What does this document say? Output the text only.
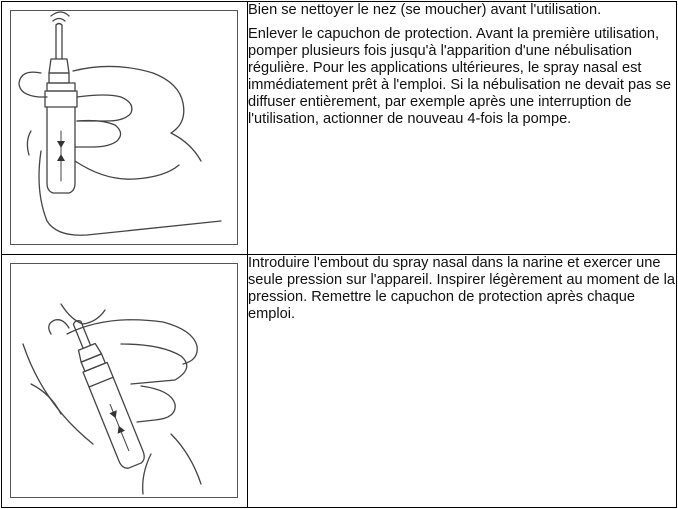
Bien se nettoyer le nez (se moucher) avant l'utilisation.

Enlever le capuchon de protection. Avant la première utilisation, pomper plusieurs fois jusqu'à l'apparition d'une nébulisation régulière. Pour les applications ultérieures, le spray nasal est immédiatement prêt à l'emploi. Si la nébulisation ne devait pas se diffuser entièrement, par exemple après une interruption de l'utilisation, actionner de nouveau 4-fois la pompe.

Introduire l'embout du spray nasal dans la narine et exercer une seule pression sur l'appareil. Inspirer légèrement au moment de la pression. Remettre le capuchon de protection après chaque emploi.
